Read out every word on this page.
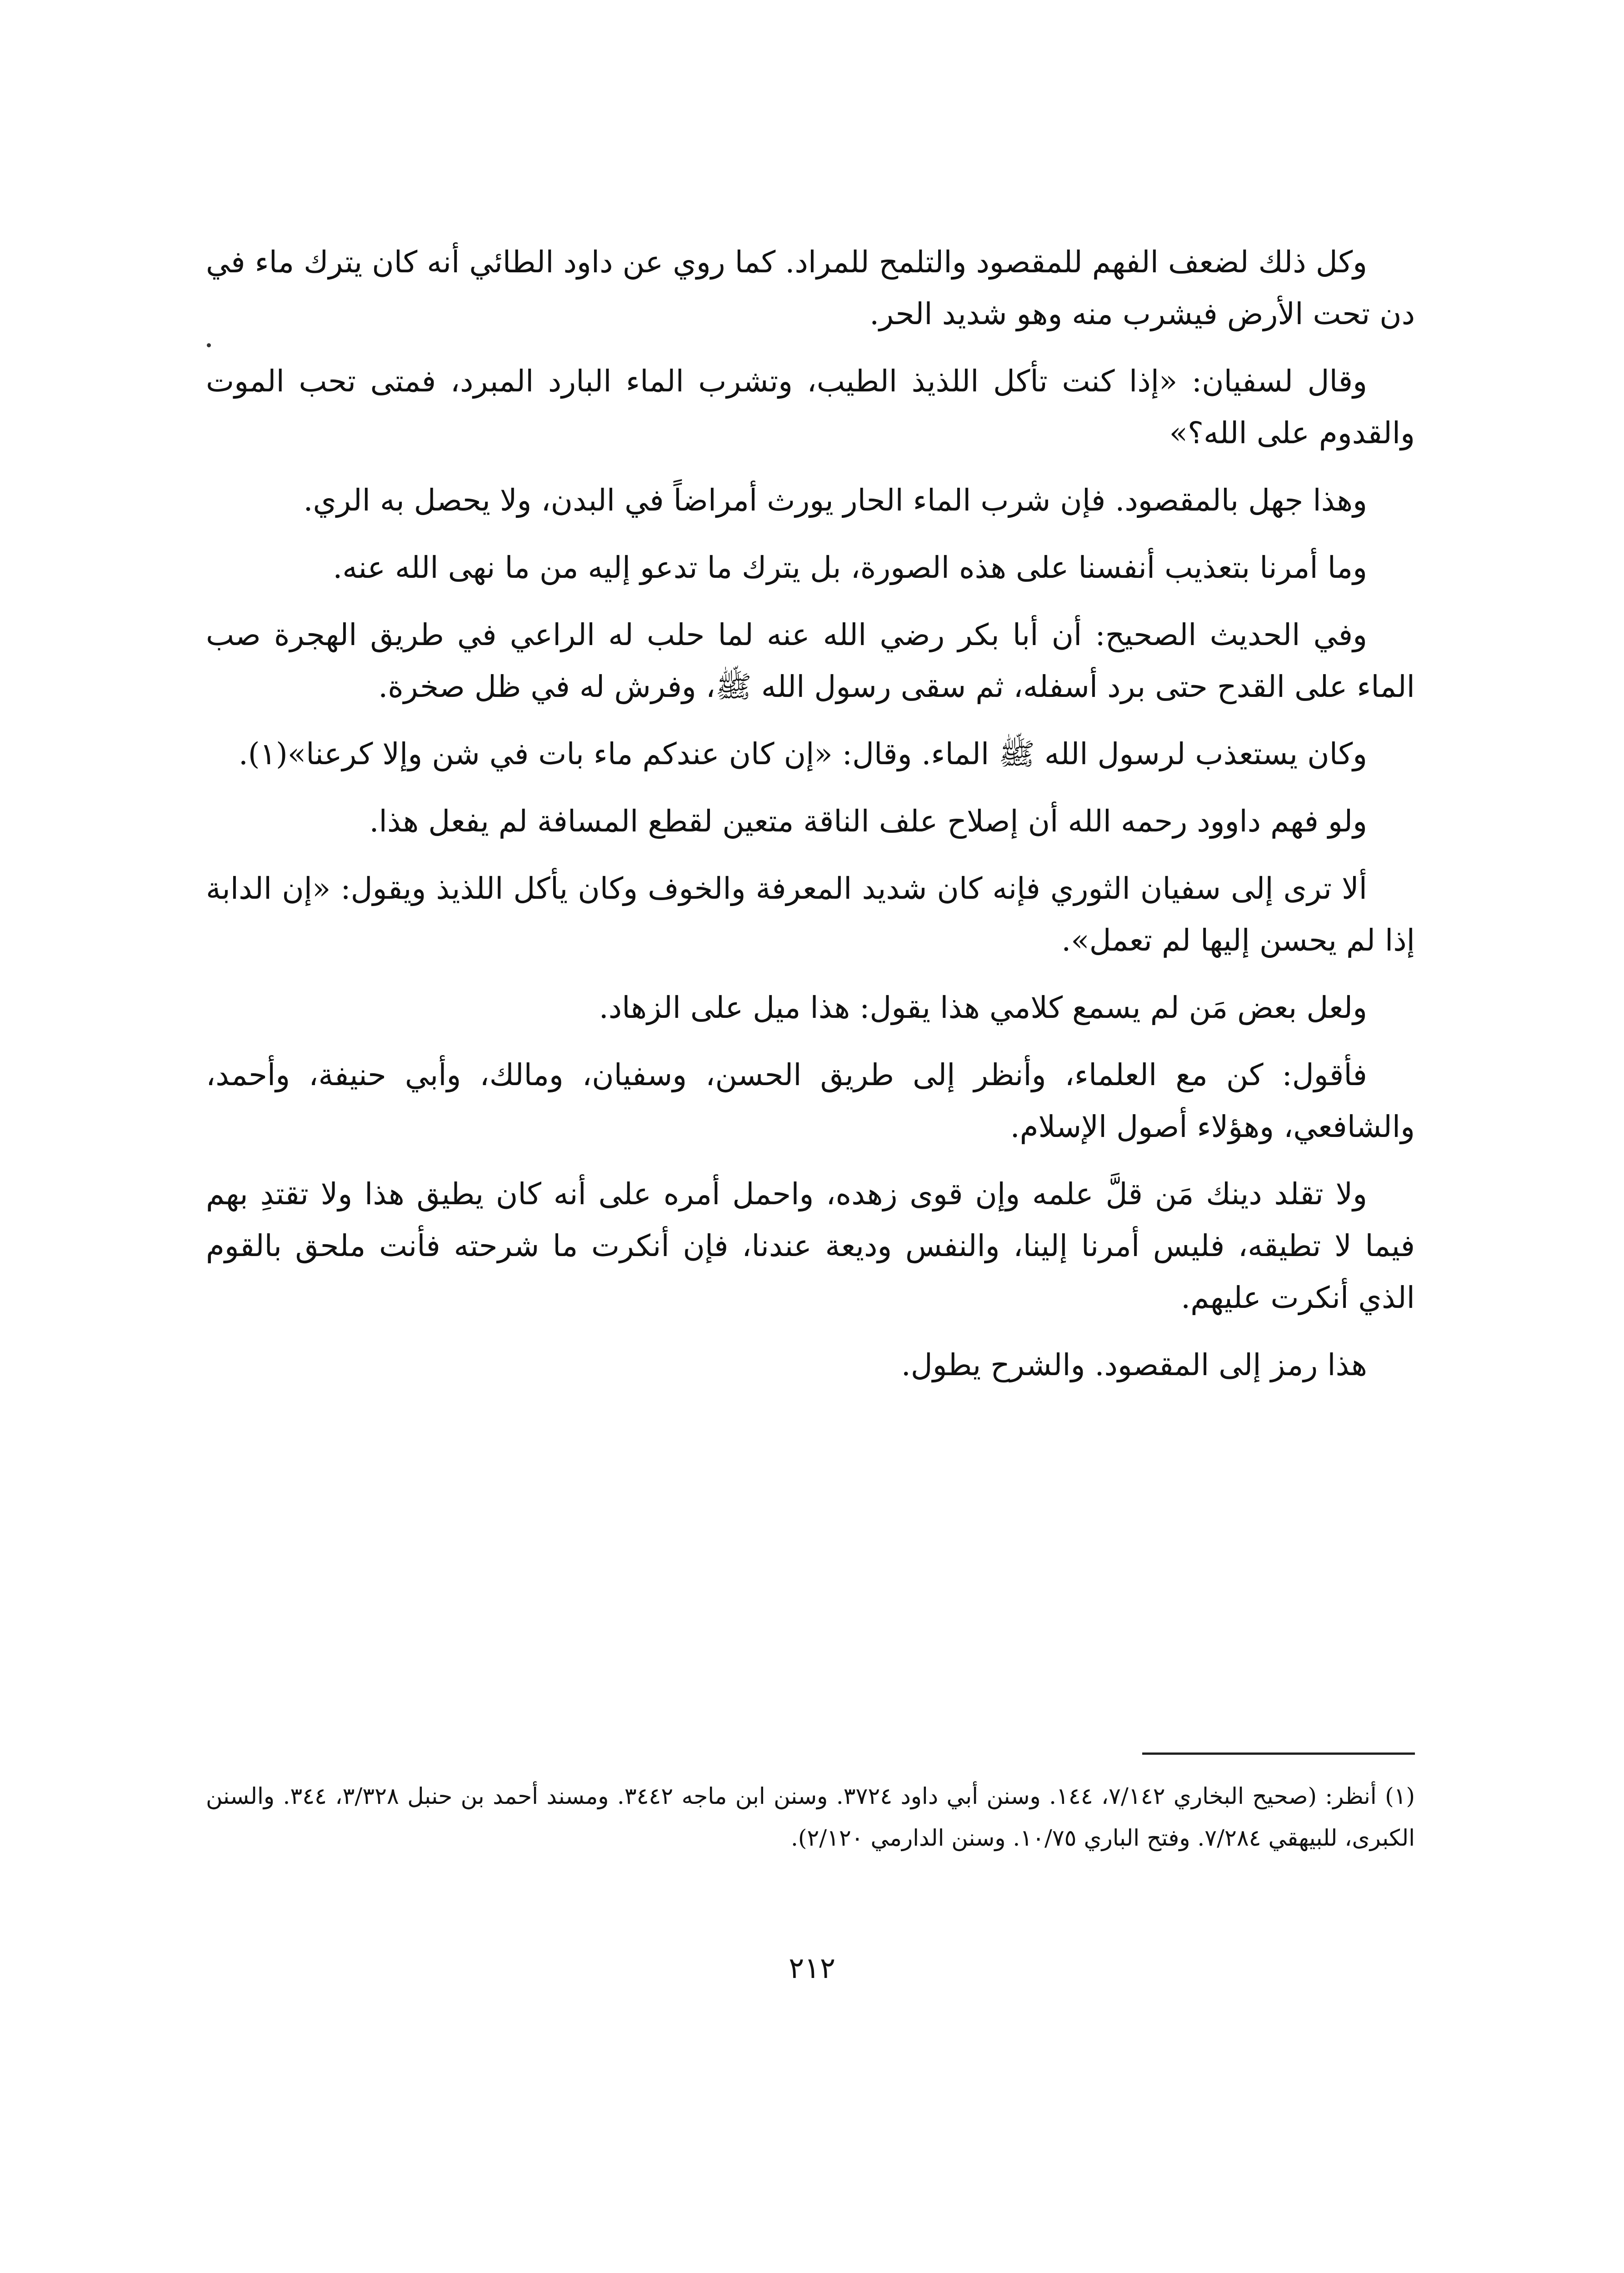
وكل ذلك لضعف الفهم للمقصود والتلمح للمراد. كما روي عن داود الطائي أنه كان يترك ماء في دن تحت الأرض فيشرب منه وهو شديد الحر.

وقال لسفيان: «إذا كنت تأكل اللذيذ الطيب، وتشرب الماء البارد المبرد، فمتى تحب الموت والقدوم على الله؟»

وهذا جهل بالمقصود. فإن شرب الماء الحار يورث أمراضاً في البدن، ولا يحصل به الري.

وما أمرنا بتعذيب أنفسنا على هذه الصورة، بل يترك ما تدعو إليه من ما نهى الله عنه.

وفي الحديث الصحيح: أن أبا بكر رضي الله عنه لما حلب له الراعي في طريق الهجرة صب الماء على القدح حتى برد أسفله، ثم سقى رسول الله ﷺ، وفرش له في ظل صخرة.

وكان يستعذب لرسول الله ﷺ الماء. وقال: «إن كان عندكم ماء بات في شن وإلا كرعنا»(١).

ولو فهم داوود رحمه الله أن إصلاح علف الناقة متعين لقطع المسافة لم يفعل هذا.

ألا ترى إلى سفيان الثوري فإنه كان شديد المعرفة والخوف وكان يأكل اللذيذ ويقول: «إن الدابة إذا لم يحسن إليها لم تعمل».

ولعل بعض مَن لم يسمع كلامي هذا يقول: هذا ميل على الزهاد.

فأقول: كن مع العلماء، وأنظر إلى طريق الحسن، وسفيان، ومالك، وأبي حنيفة، وأحمد، والشافعي، وهؤلاء أصول الإسلام.

ولا تقلد دينك مَن قلَّ علمه وإن قوى زهده، واحمل أمره على أنه كان يطيق هذا ولا تقتدِ بهم فيما لا تطيقه، فليس أمرنا إلينا، والنفس وديعة عندنا، فإن أنكرت ما شرحته فأنت ملحق بالقوم الذي أنكرت عليهم.

هذا رمز إلى المقصود. والشرح يطول.

(١) أنظر: (صحيح البخاري ٧/١٤٢، ١٤٤. وسنن أبي داود ٣٧٢٤. وسنن ابن ماجه ٣٤٤٢. ومسند أحمد بن حنبل ٣/٣٢٨، ٣٤٤. والسنن الكبرى، للبيهقي ٧/٢٨٤. وفتح الباري ١٠/٧٥. وسنن الدارمي ٢/١٢٠).

٢١٢
